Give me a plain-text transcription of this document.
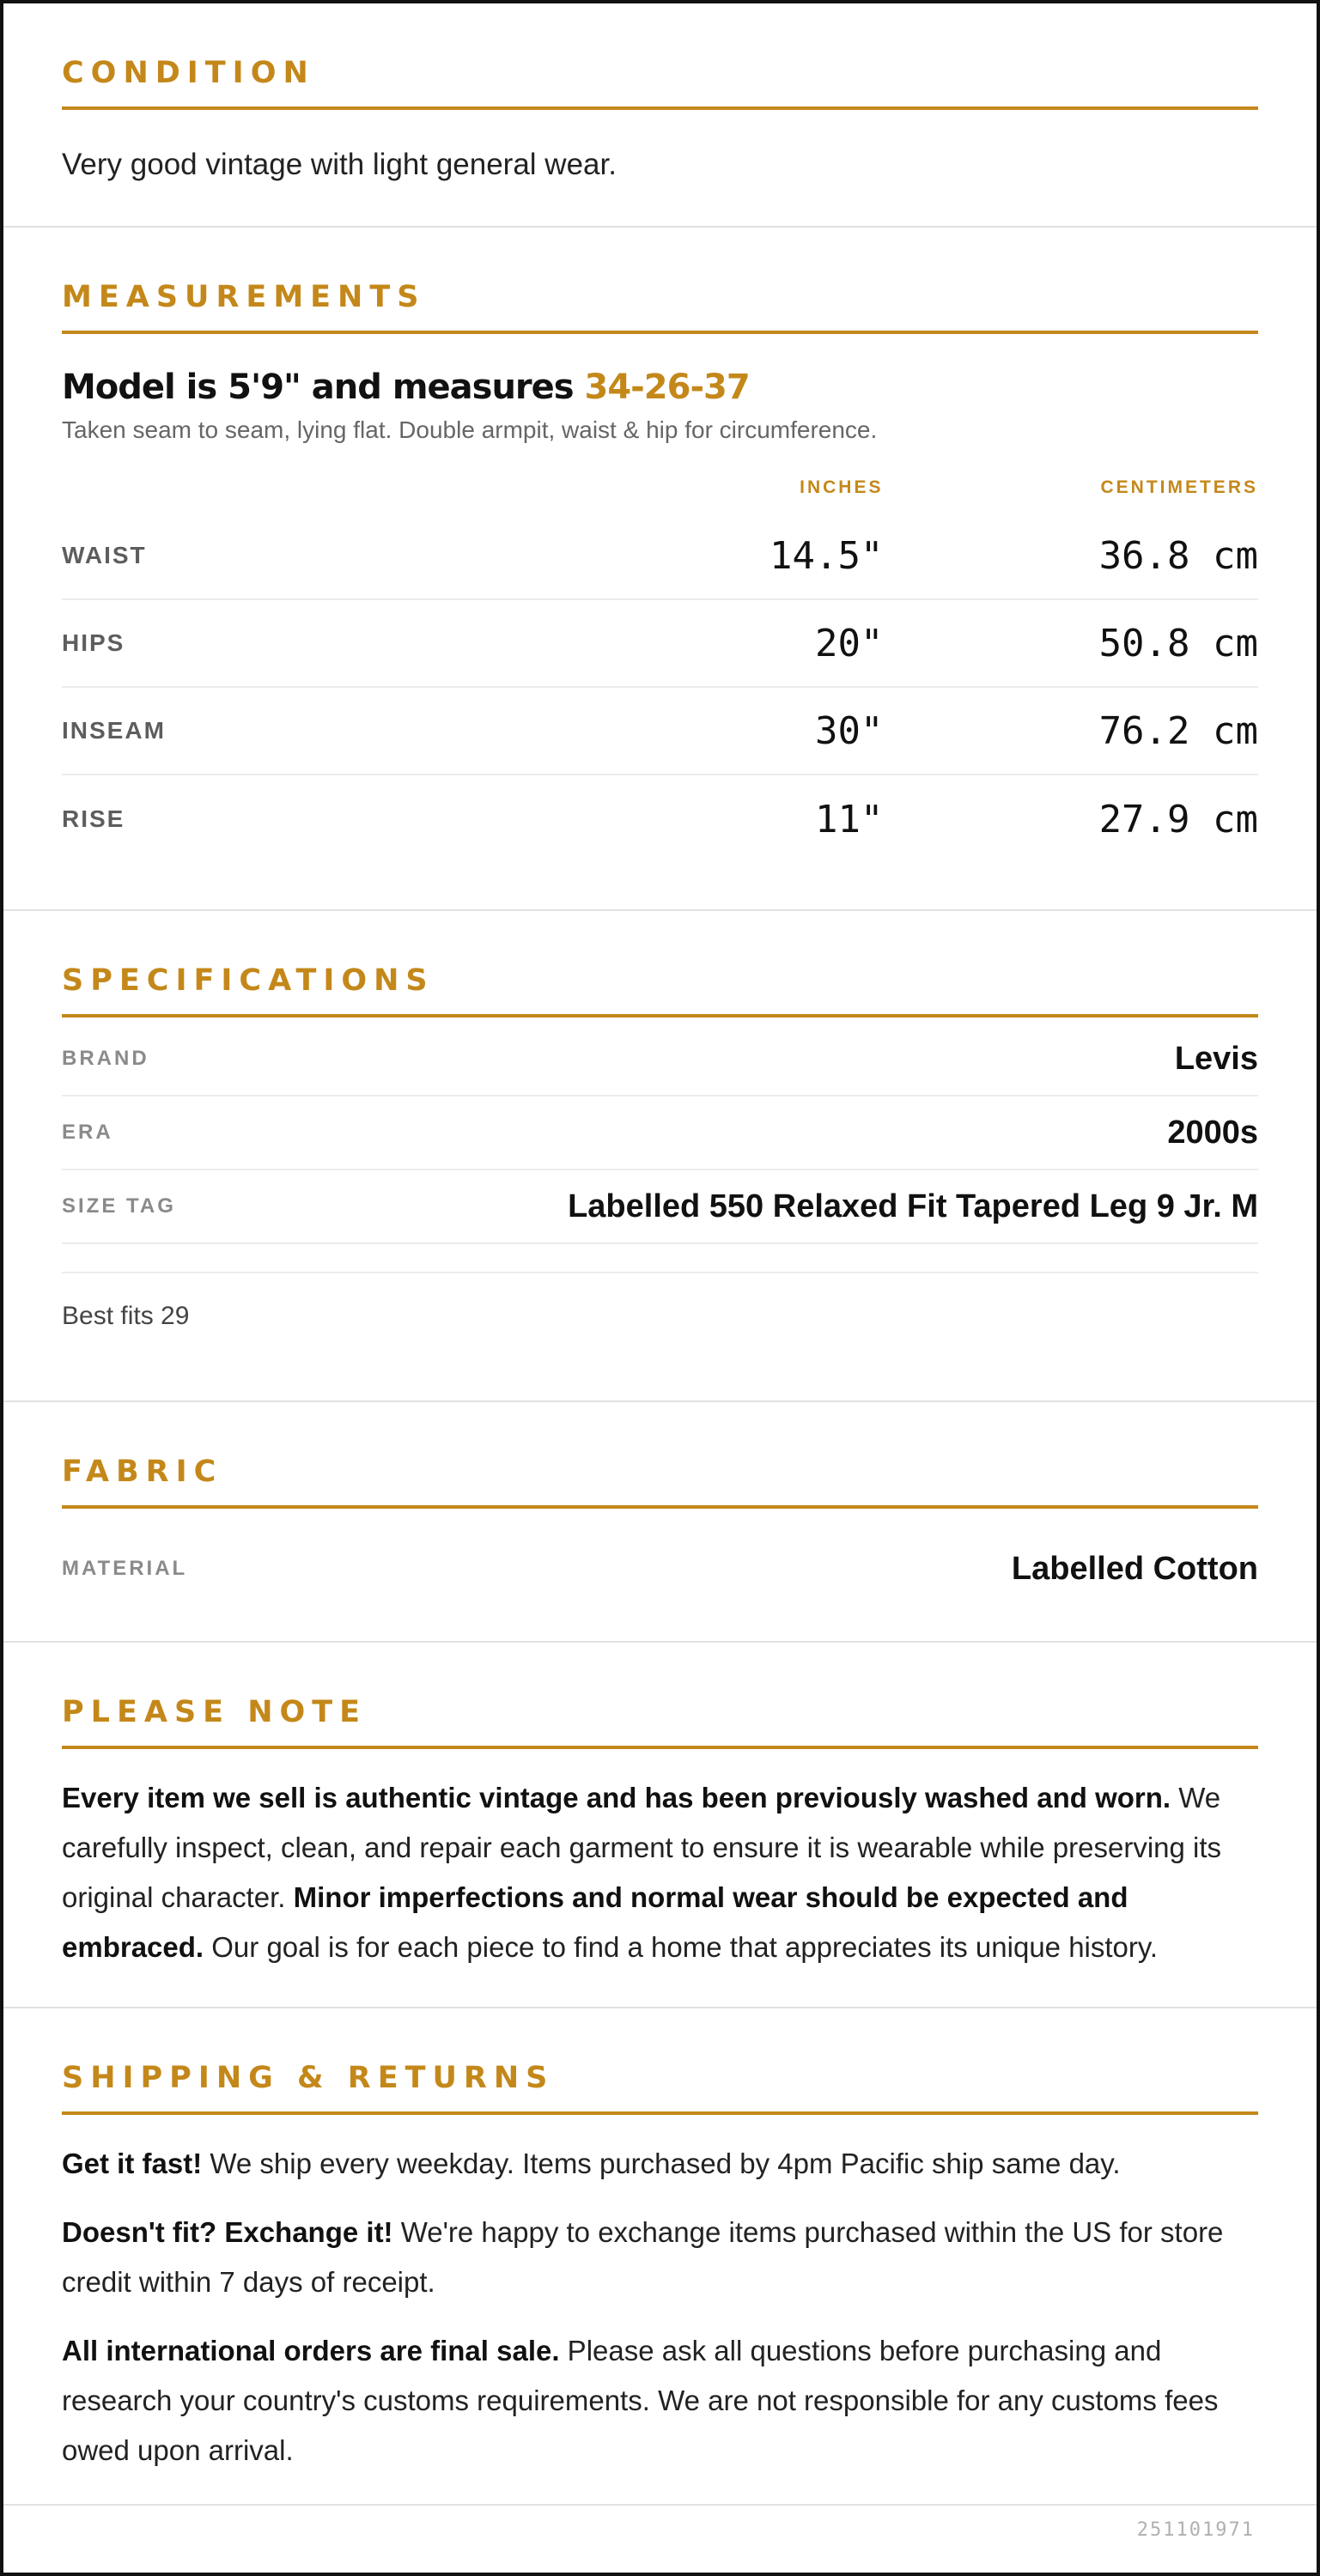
CONDITION
Very good vintage with light general wear.
MEASUREMENTS
Model is 5'9" and measures 34-26-37
Taken seam to seam, lying flat. Double armpit, waist & hip for circumference.
INCHES	CENTIMETERS
WAIST	14.5"	36.8 cm
HIPS	20"	50.8 cm
INSEAM	30"	76.2 cm
RISE	11"	27.9 cm
SPECIFICATIONS
BRAND	Levis
ERA	2000s
SIZE TAG	Labelled 550 Relaxed Fit Tapered Leg 9 Jr. M
Best fits 29
FABRIC
MATERIAL	Labelled Cotton
PLEASE NOTE
Every item we sell is authentic vintage and has been previously washed and worn. We carefully inspect, clean, and repair each garment to ensure it is wearable while preserving its original character. Minor imperfections and normal wear should be expected and embraced. Our goal is for each piece to find a home that appreciates its unique history.
SHIPPING & RETURNS
Get it fast! We ship every weekday. Items purchased by 4pm Pacific ship same day.
Doesn't fit? Exchange it! We're happy to exchange items purchased within the US for store credit within 7 days of receipt.
All international orders are final sale. Please ask all questions before purchasing and research your country's customs requirements. We are not responsible for any customs fees owed upon arrival.
251101971
